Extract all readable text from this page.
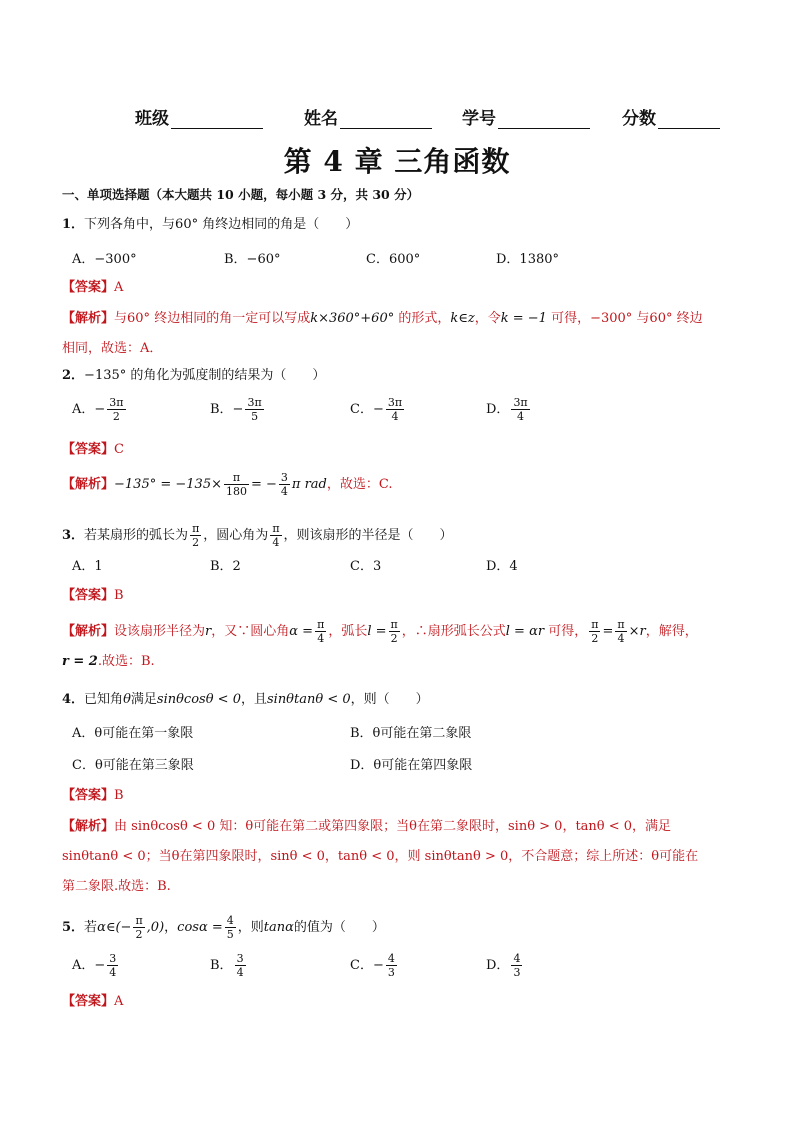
班级	姓名	学号	分数
第 4 章 三角函数
一、单项选择题（本大题共 10 小题，每小题 3 分，共 30 分）
1．下列各角中，与60° 角终边相同的角是（　　）
A．−300°	B．−60°	C．600°	D．1380°
【答案】A
【解析】与60° 终边相同的角一定可以写成k×360°+60° 的形式，k∈z，令k = −1 可得，−300° 与60° 终边
相同，故选：A．
2．−135° 的角化为弧度制的结果为（　　）
A．− $\frac{3\pi}{2}$	B．− $\frac{3\pi}{5}$	C．− $\frac{3\pi}{4}$	D． $\frac{3\pi}{4}$
【答案】C
【解析】$-135^\circ = -135\times \frac{\pi}{180}$ = − $\frac{3}{4}$ π rad，故选：C.
3．若某扇形的弧长为 $\frac{\pi}{2}$ ，圆心角为 $\frac{\pi}{4}$ ，则该扇形的半径是（　　）
A．1	B．2	C．3	D．4
【答案】B
【解析】设该扇形半径为r，又∵圆心角$\alpha = \frac{\pi}{4}$ ，弧长$l = \frac{\pi}{2}$ ，∴扇形弧长公式l = αr 可得， $\frac{\pi}{2} = \frac{\pi}{4} \times r$，解得，
r = 2.故选：B.
4．已知角θ满足sinθcosθ < 0，且sinθtanθ < 0，则（　　）
A．θ可能在第一象限	B．θ可能在第二象限
C．θ可能在第三象限	D．θ可能在第四象限
【答案】B
【解析】由 sinθcosθ < 0 知：θ可能在第二或第四象限；当θ在第二象限时，sinθ > 0，tanθ < 0，满足
sinθtanθ < 0；当θ在第四象限时，sinθ < 0，tanθ < 0，则 sinθtanθ > 0，不合题意；综上所述：θ可能在
第二象限.故选：B.
5．若α∈(− $\frac{\pi}{2} ,0$)，$\cos\alpha = \frac{4}{5}$ ，则tanα的值为（　　）
A．− $\frac{3}{4}$	B． $\frac{3}{4}$	C．− $\frac{4}{3}$	D． $\frac{4}{3}$
【答案】A
